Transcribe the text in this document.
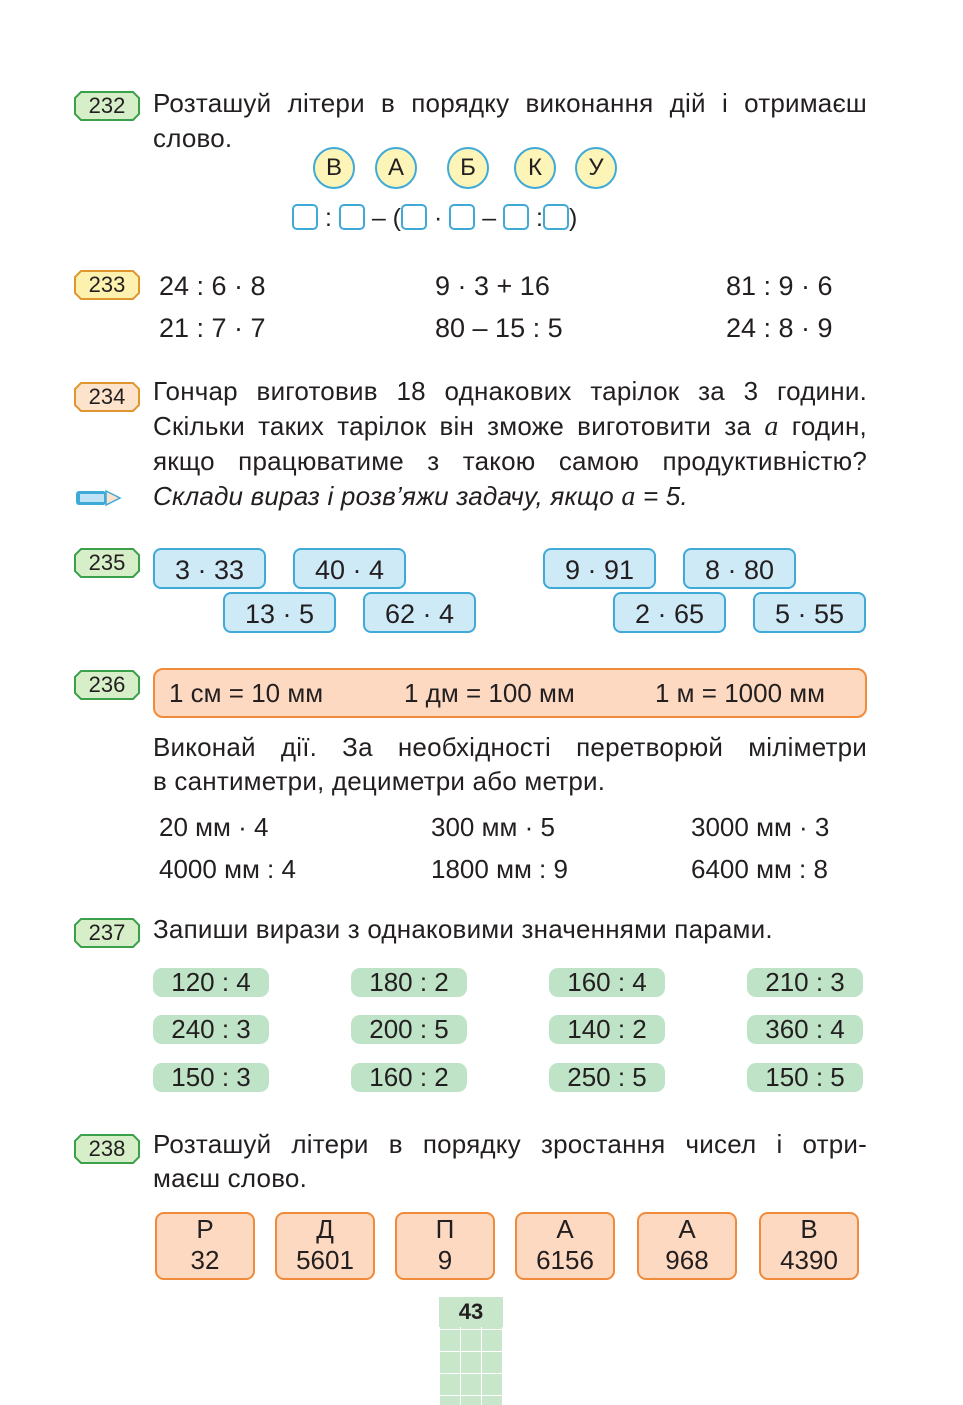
232	Розташуй літери в порядку виконання дій і отримаєш
слово.
В	А	Б	К	У
: – ( · – : )
233	24 : 6 · 8	9 · 3 + 16	81 : 9 · 6
21 : 7 · 7	80 – 15 : 5	24 : 8 · 9
234	Гончар виготовив 18 однакових тарілок за 3 години.
Скільки таких тарілок він зможе виготовити за a годин,
якщо працюватиме з такою самою продуктивністю?
Склади вираз і розв’яжи задачу, якщо a = 5.
235	3 · 33	40 · 4
13 · 5	62 · 4
9 · 91	8 · 80
2 · 65	5 · 55
236	1 см = 10 мм	1 дм = 100 мм	1 м = 1000 мм
Виконай дії. За необхідності перетворюй міліметри
в сантиметри, дециметри або метри.
20 мм · 4	300 мм · 5	3000 мм · 3
4000 мм : 4	1800 мм : 9	6400 мм : 8
237	Запиши вирази з однаковими значеннями парами.
120 : 4	180 : 2	160 : 4	210 : 3
240 : 3	200 : 5	140 : 2	360 : 4
150 : 3	160 : 2	250 : 5	150 : 5
238	Розташуй літери в порядку зростання чисел і отри-
маєш слово.
Р
32
Д
5601
П
9
А
6156
А
968
В
4390
43
